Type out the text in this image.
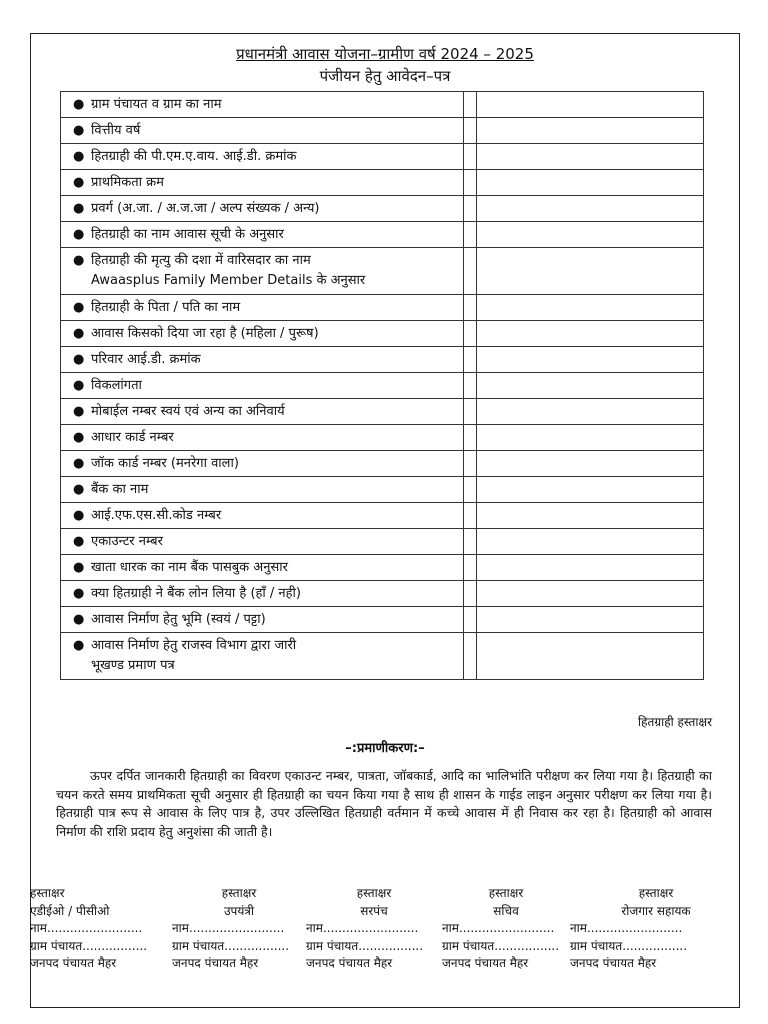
प्रधानमंत्री आवास योजना–ग्रामीण वर्ष 2024 – 2025
पंजीयन हेतु आवेदन–पत्र
● ग्राम पंचायत व ग्राम का नाम		

● वित्तीय वर्ष		

● हितग्राही की पी.एम.ए.वाय. आई.डी. क्रमांक		

● प्राथमिकता क्रम		

● प्रवर्ग (अ.जा. / अ.ज.जा / अल्प संख्यक / अन्य)		

● हितग्राही का नाम आवास सूची के अनुसार		

● हितग्राही की मृत्यु की दशा में वारिसदार का नाम
Awaasplus Family Member Details के अनुसार		

● हितग्राही के पिता / पति का नाम		

● आवास किसको दिया जा रहा है (महिला / पुरूष)		

● परिवार आई.डी. क्रमांक		

● विकलांगता		

● मोबाईल नम्बर स्वयं एवं अन्य का अनिवार्य		

● आधार कार्ड नम्बर		

● जॉक कार्ड नम्बर (मनरेगा वाला)		

● बैंक का नाम		

● आई.एफ.एस.सी.कोड नम्बर		

● एकाउन्टर नम्बर		

● खाता धारक का नाम बैंक पासबुक अनुसार		

● क्या हितग्राही ने बैंक लोन लिया है (हॉं / नही)		

● आवास निर्माण हेतु भूमि (स्वयं / पट्टा)		

● आवास निर्माण हेतु राजस्व विभाग द्वारा जारी
भूखण्ड प्रमाण पत्र		

हितग्राही हस्ताक्षर
–:प्रमाणीकरण:–

ऊपर दर्पित जानकारी हितग्राही का विवरण एकाउन्ट नम्बर, पात्रता, जॉबकार्ड, आदि का भालिभांति परीक्षण कर लिया गया है। हितग्राही का चयन करते समय प्राथमिकता सूची अनुसार ही हितग्राही का चयन किया गया है साथ ही शासन के गाईड लाइन अनुसार परीक्षण कर लिया गया है। हितग्राही पात्र रूप से आवास के लिए पात्र है, उपर उल्लिखित हितग्राही वर्तमान में कच्चे आवास में ही निवास कर रहा है। हितग्राही को आवास निर्माण की राशि प्रदाय हेतु अनुशंसा की जाती है।

हस्ताक्षर
एडीईओ / पीसीओ
नाम.........................
ग्राम पंचायत.................
जनपद पंचायत मैहर
हस्ताक्षर
उपयंत्री
नाम.........................
ग्राम पंचायत.................
जनपद पंचायत मैहर
हस्ताक्षर
सरपंच
नाम.........................
ग्राम पंचायत.................
जनपद पंचायत मैहर
हस्ताक्षर
सचिव
नाम.........................
ग्राम पंचायत.................
जनपद पंचायत मैहर
हस्ताक्षर
रोजगार सहायक
नाम.........................
ग्राम पंचायत.................
जनपद पंचायत मैहर
